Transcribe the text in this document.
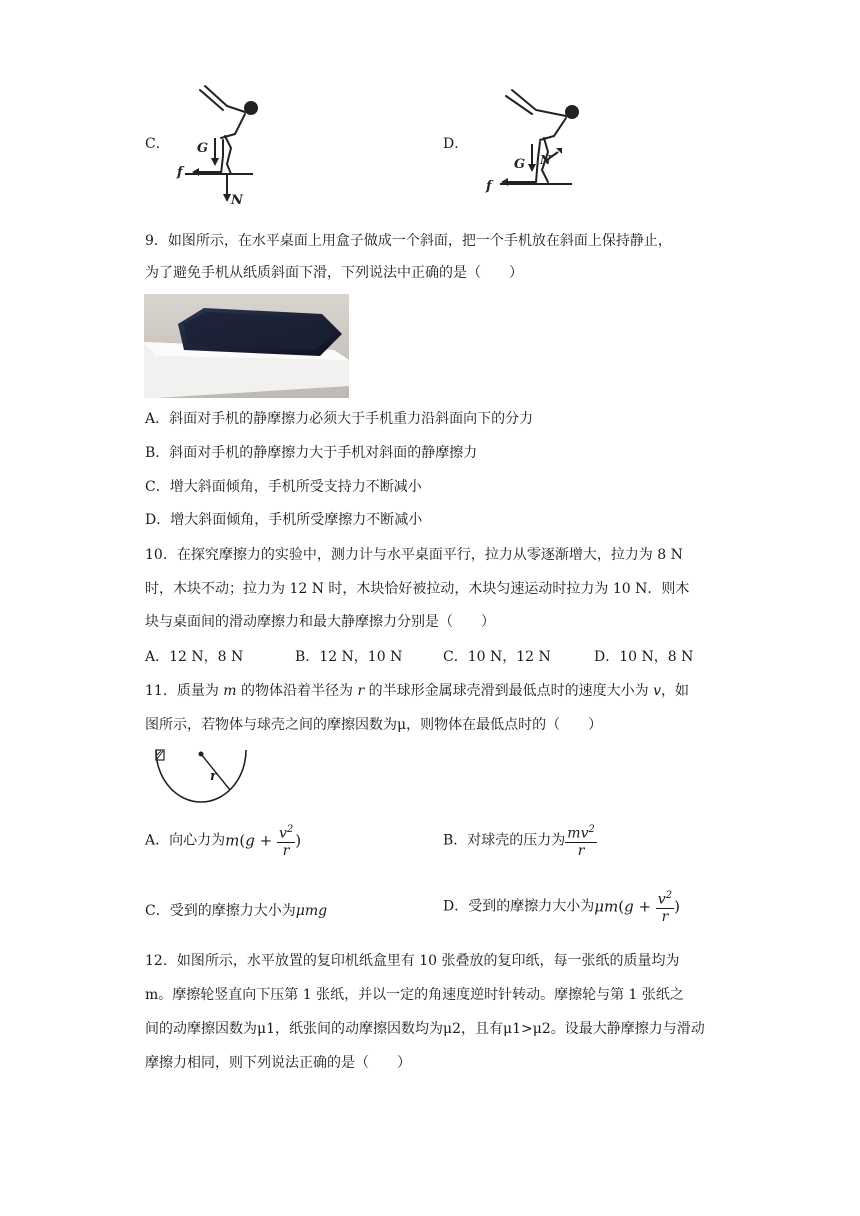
C． G
f
N
D．
G N
f
9．如图所示，在水平桌面上用盒子做成一个斜面，把一个手机放在斜面上保持静止，
为了避免手机从纸质斜面下滑，下列说法中正确的是（　　）
A．斜面对手机的静摩擦力必须大于手机重力沿斜面向下的分力
B．斜面对手机的静摩擦力大于手机对斜面的静摩擦力
C．增大斜面倾角，手机所受支持力不断减小
D．增大斜面倾角，手机所受摩擦力不断减小
10．在探究摩擦力的实验中，测力计与水平桌面平行，拉力从零逐渐增大，拉力为 8 N
时，木块不动；拉力为 12 N 时，木块恰好被拉动，木块匀速运动时拉力为 10 N．则木
块与桌面间的滑动摩擦力和最大静摩擦力分别是（　　）
A．12 N，8 N	B．12 N，10 N	C．10 N，12 N	D．10 N，8 N
11．质量为 m 的物体沿着半径为 r 的半球形金属球壳滑到最低点时的速度大小为 v，如
图所示，若物体与球壳之间的摩擦因数为μ，则物体在最低点时的（　　）
r
A．向心力为$m(g + \frac{v^2}{r}$ )	B．对球壳的压力为 $\frac{mv^2}{r}$
C．受到的摩擦力大小为μmg	D．受到的摩擦力大小为$\mu m(g + \frac{v^2}{r}$ )
12．如图所示，水平放置的复印机纸盒里有 10 张叠放的复印纸，每一张纸的质量均为
m。摩擦轮竖直向下压第 1 张纸，并以一定的角速度逆时针转动。摩擦轮与第 1 张纸之
间的动摩擦因数为μ1，纸张间的动摩擦因数均为μ2，且有μ1>μ2。设最大静摩擦力与滑动
摩擦力相同，则下列说法正确的是（　　）
